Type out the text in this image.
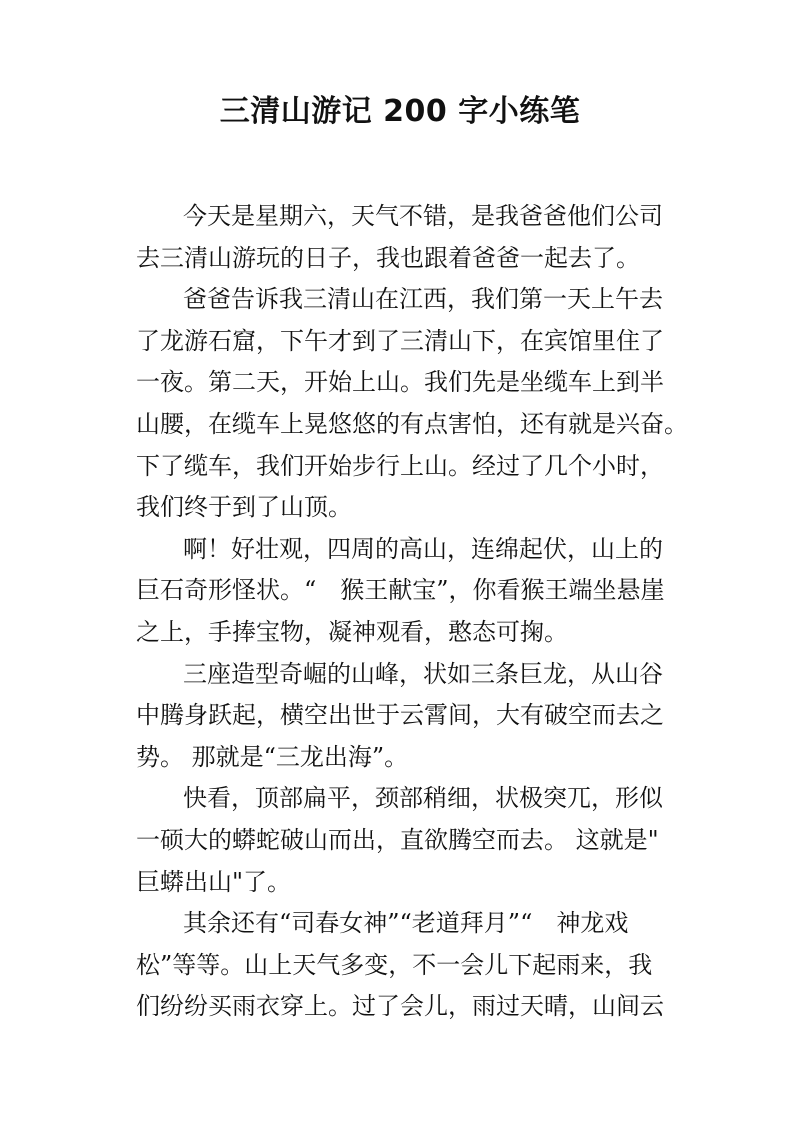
三清山游记 200 字小练笔
今天是星期六，天气不错，是我爸爸他们公司
去三清山游玩的日子，我也跟着爸爸一起去了。
爸爸告诉我三清山在江西，我们第一天上午去
了龙游石窟，下午才到了三清山下，在宾馆里住了
一夜。第二天，开始上山。我们先是坐缆车上到半
山腰，在缆车上晃悠悠的有点害怕，还有就是兴奋。
下了缆车，我们开始步行上山。经过了几个小时，
我们终于到了山顶。
啊！好壮观，四周的高山，连绵起伏，山上的
巨石奇形怪状。“　猴王献宝”，你看猴王端坐悬崖
之上，手捧宝物，凝神观看，憨态可掬。
三座造型奇崛的山峰，状如三条巨龙，从山谷
中腾身跃起，横空出世于云霄间，大有破空而去之
势。 那就是“三龙出海”。
快看，顶部扁平，颈部稍细，状极突兀，形似
一硕大的蟒蛇破山而出，直欲腾空而去。 这就是"
巨蟒出山"了。
其余还有“司春女神”“老道拜月”“　神龙戏
松”等等。山上天气多变，不一会儿下起雨来，我
们纷纷买雨衣穿上。过了会儿，雨过天晴，山间云
